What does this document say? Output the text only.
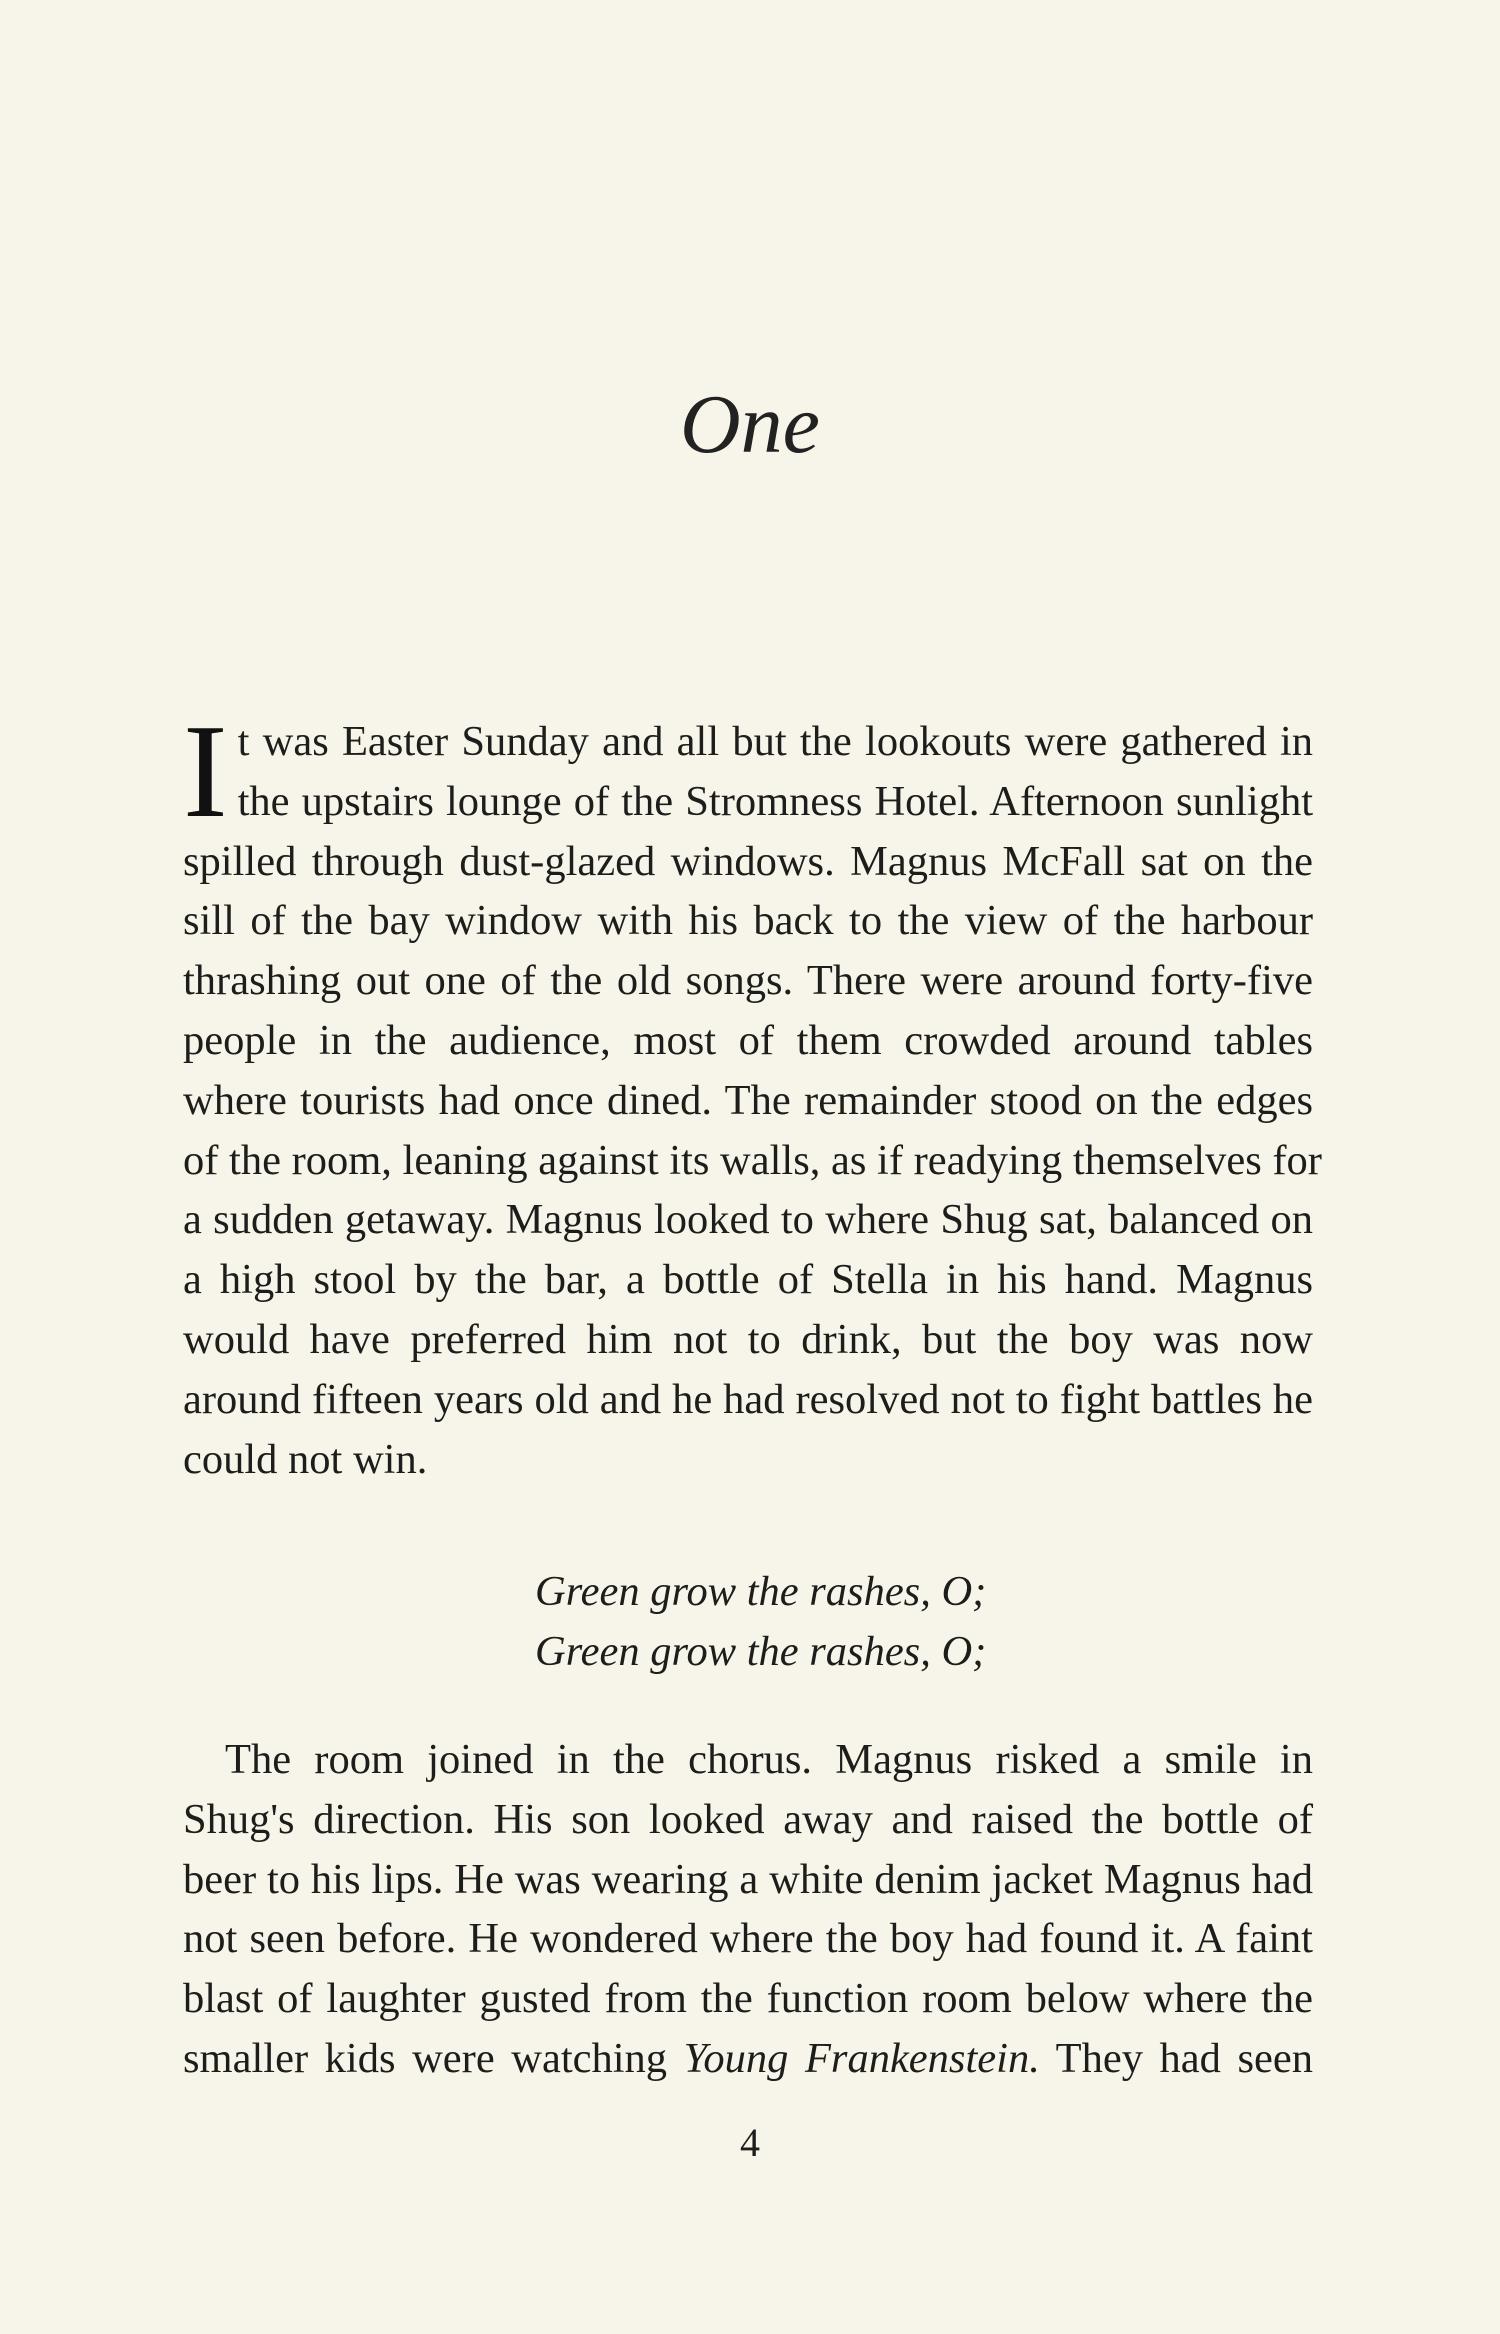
One
I t was Easter Sunday and all but the lookouts were gathered in
the upstairs lounge of the Stromness Hotel. Afternoon sunlight
spilled through dust-glazed windows. Magnus McFall sat on the
sill of the bay window with his back to the view of the harbour
thrashing out one of the old songs. There were around forty-five
people in the audience, most of them crowded around tables
where tourists had once dined. The remainder stood on the edges
of the room, leaning against its walls, as if readying themselves for
a sudden getaway. Magnus looked to where Shug sat, balanced on
a high stool by the bar, a bottle of Stella in his hand. Magnus
would have preferred him not to drink, but the boy was now
around fifteen years old and he had resolved not to fight battles he
could not win.
Green grow the rashes, O;
Green grow the rashes, O;
The room joined in the chorus. Magnus risked a smile in
Shug's direction. His son looked away and raised the bottle of
beer to his lips. He was wearing a white denim jacket Magnus had
not seen before. He wondered where the boy had found it. A faint
blast of laughter gusted from the function room below where the
smaller kids were watching Young Frankenstein. They had seen
4
